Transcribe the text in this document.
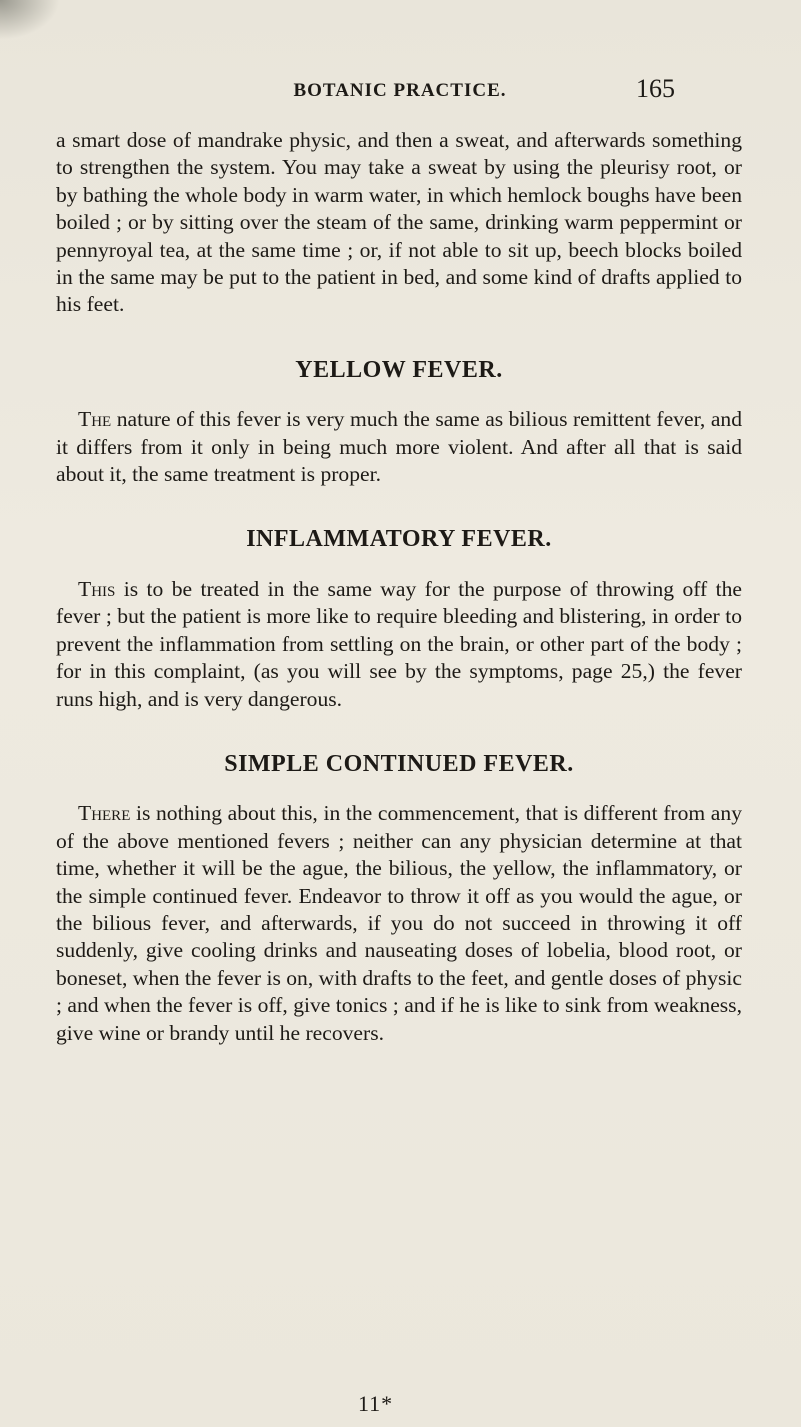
BOTANIC PRACTICE.	165

a smart dose of mandrake physic, and then a sweat, and afterwards something to strengthen the system. You may take a sweat by using the pleurisy root, or by bathing the whole body in warm water, in which hemlock boughs have been boiled ; or by sitting over the steam of the same, drinking warm peppermint or pennyroyal tea, at the same time ; or, if not able to sit up, beech blocks boiled in the same may be put to the patient in bed, and some kind of drafts applied to his feet.

YELLOW FEVER.

The nature of this fever is very much the same as bilious remittent fever, and it differs from it only in being much more violent. And after all that is said about it, the same treatment is proper.

INFLAMMATORY FEVER.

This is to be treated in the same way for the purpose of throwing off the fever ; but the patient is more like to require bleeding and blistering, in order to prevent the inflammation from settling on the brain, or other part of the body ; for in this complaint, (as you will see by the symptoms, page 25,) the fever runs high, and is very dangerous.

SIMPLE CONTINUED FEVER.

There is nothing about this, in the commencement, that is different from any of the above mentioned fevers ; neither can any physician determine at that time, whether it will be the ague, the bilious, the yellow, the inflammatory, or the simple continued fever. Endeavor to throw it off as you would the ague, or the bilious fever, and afterwards, if you do not succeed in throwing it off suddenly, give cooling drinks and nauseating doses of lobelia, blood root, or boneset, when the fever is on, with drafts to the feet, and gentle doses of physic ; and when the fever is off, give tonics ; and if he is like to sink from weakness, give wine or brandy until he recovers.

11*
